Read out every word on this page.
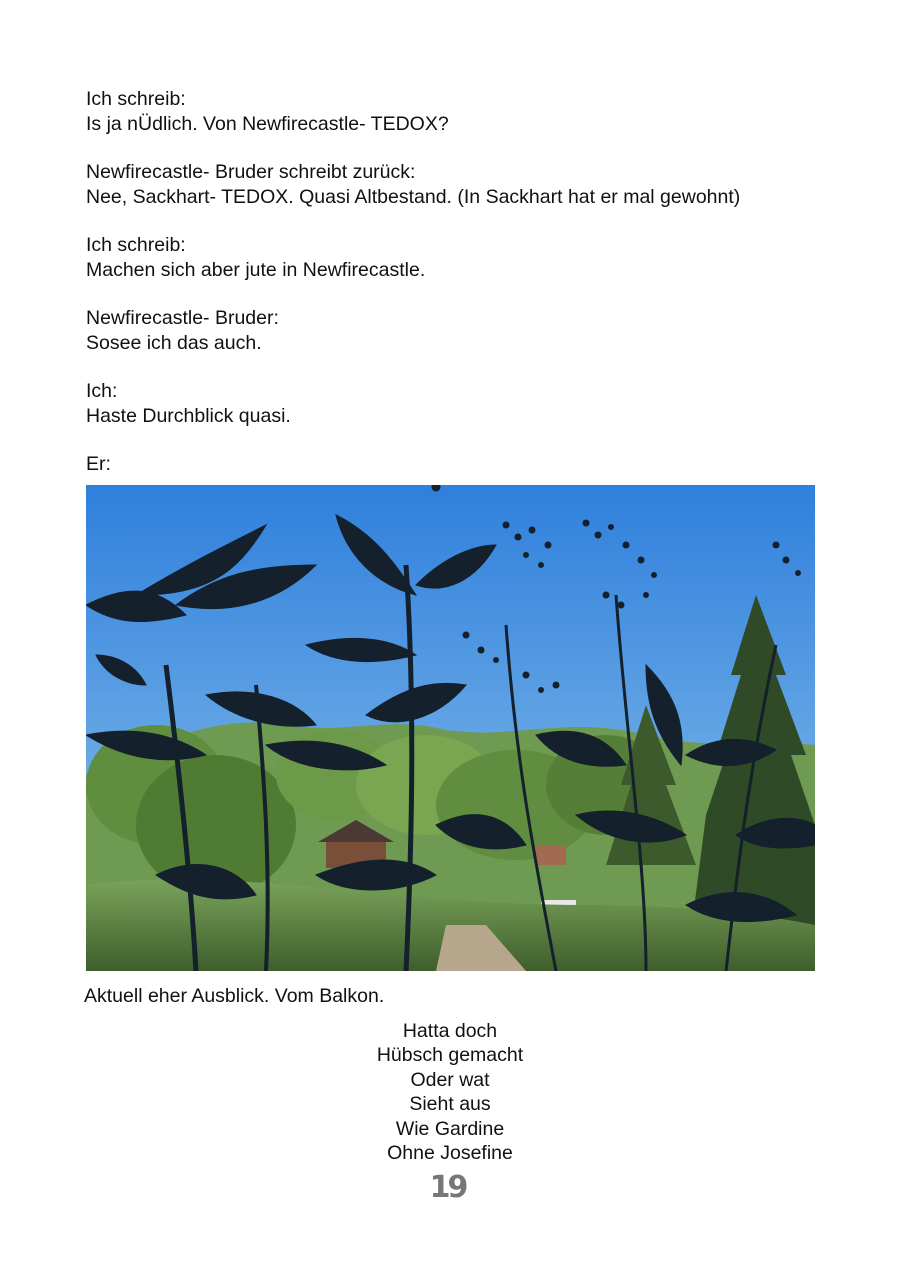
Ich schreib:
Is ja nÜdlich. Von Newfirecastle- TEDOX?
Newfirecastle- Bruder schreibt zurück:
Nee, Sackhart- TEDOX. Quasi Altbestand. (In Sackhart hat er mal gewohnt)
Ich schreib:
Machen sich aber jute in Newfirecastle.
Newfirecastle- Bruder:
Sosee ich das auch.
Ich:
Haste Durchblick quasi.
Er:
Aktuell eher Ausblick. Vom Balkon.
Hatta doch
Hübsch gemacht
Oder wat
Sieht aus
Wie Gardine
Ohne Josefine
19
